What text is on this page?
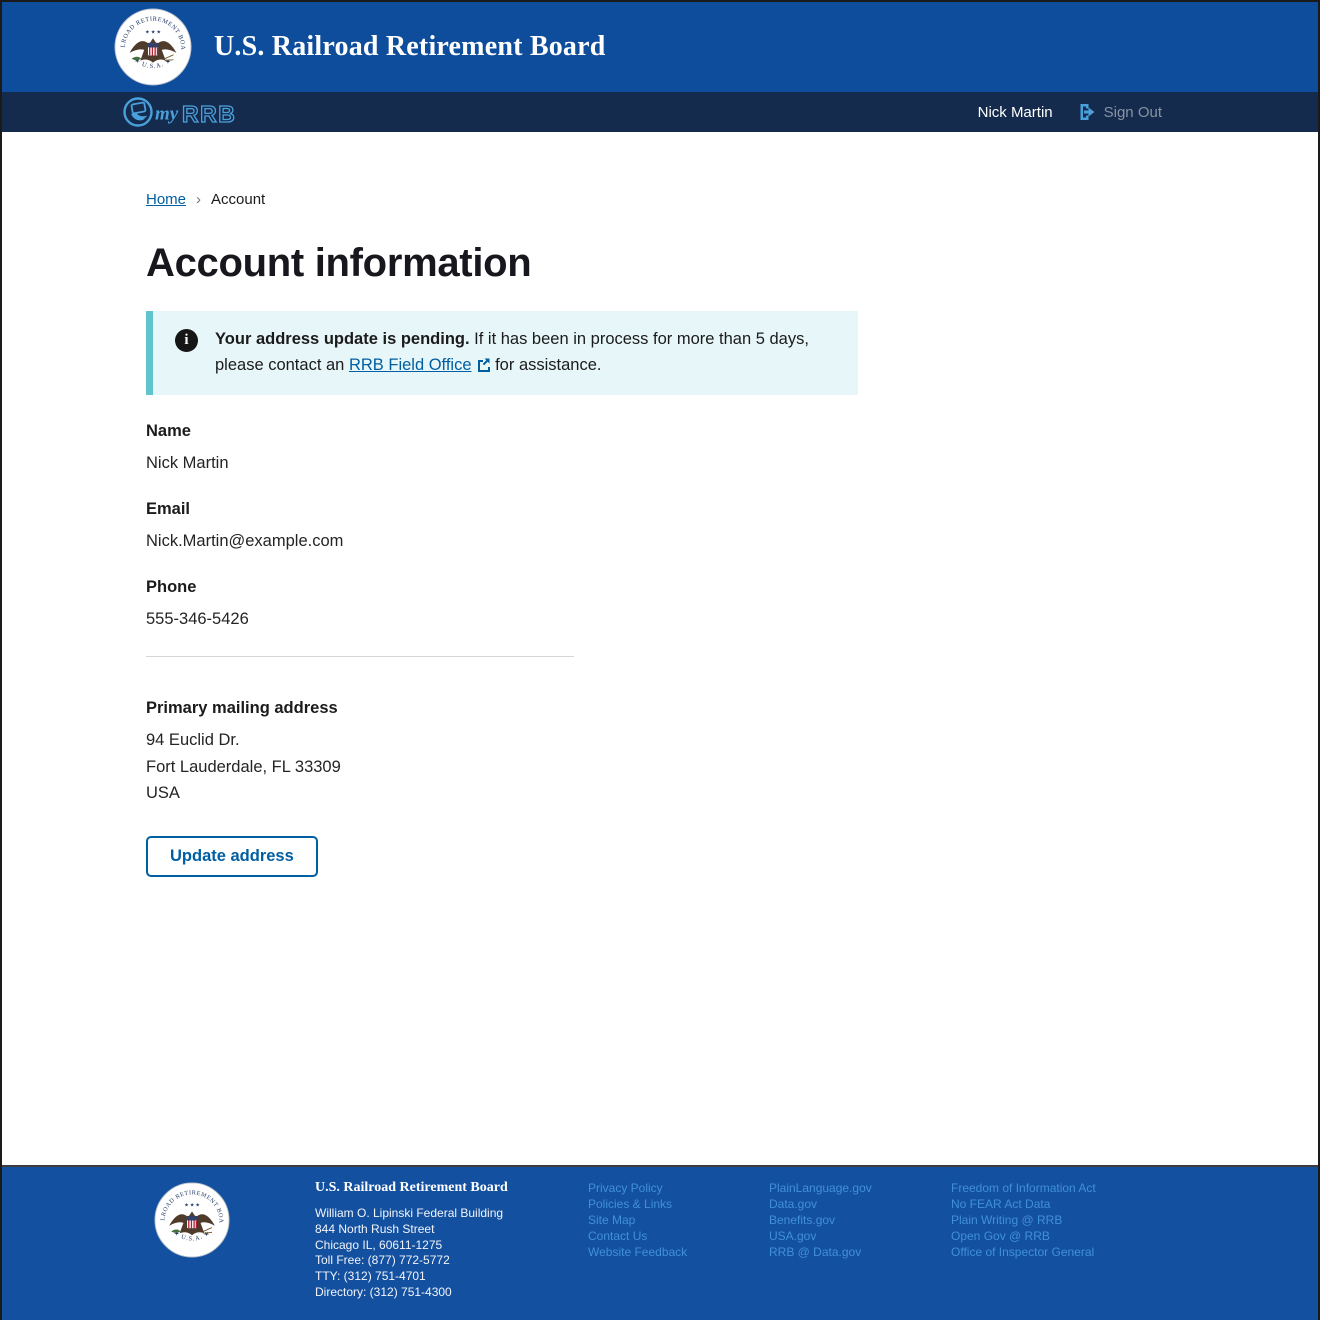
U.S. Railroad Retirement Board
my RRB	Nick Martin	Sign Out
Home › Account
Account information
i	Your address update is pending. If it has been in process for more than 5 days, please contact an RRB Field Office for assistance.
Name
Nick Martin
Email
Nick.Martin@example.com
Phone
555-346-5426
Primary mailing address
94 Euclid Dr.
Fort Lauderdale, FL 33309
USA
Update address
U.S. Railroad Retirement Board
William O. Lipinski Federal Building
844 North Rush Street
Chicago IL, 60611-1275
Toll Free: (877) 772-5772
TTY: (312) 751-4701
Directory: (312) 751-4300
Privacy Policy
Policies & Links
Site Map
Contact Us
Website Feedback
PlainLanguage.gov
Data.gov
Benefits.gov
USA.gov
RRB @ Data.gov
Freedom of Information Act
No FEAR Act Data
Plain Writing @ RRB
Open Gov @ RRB
Office of Inspector General
